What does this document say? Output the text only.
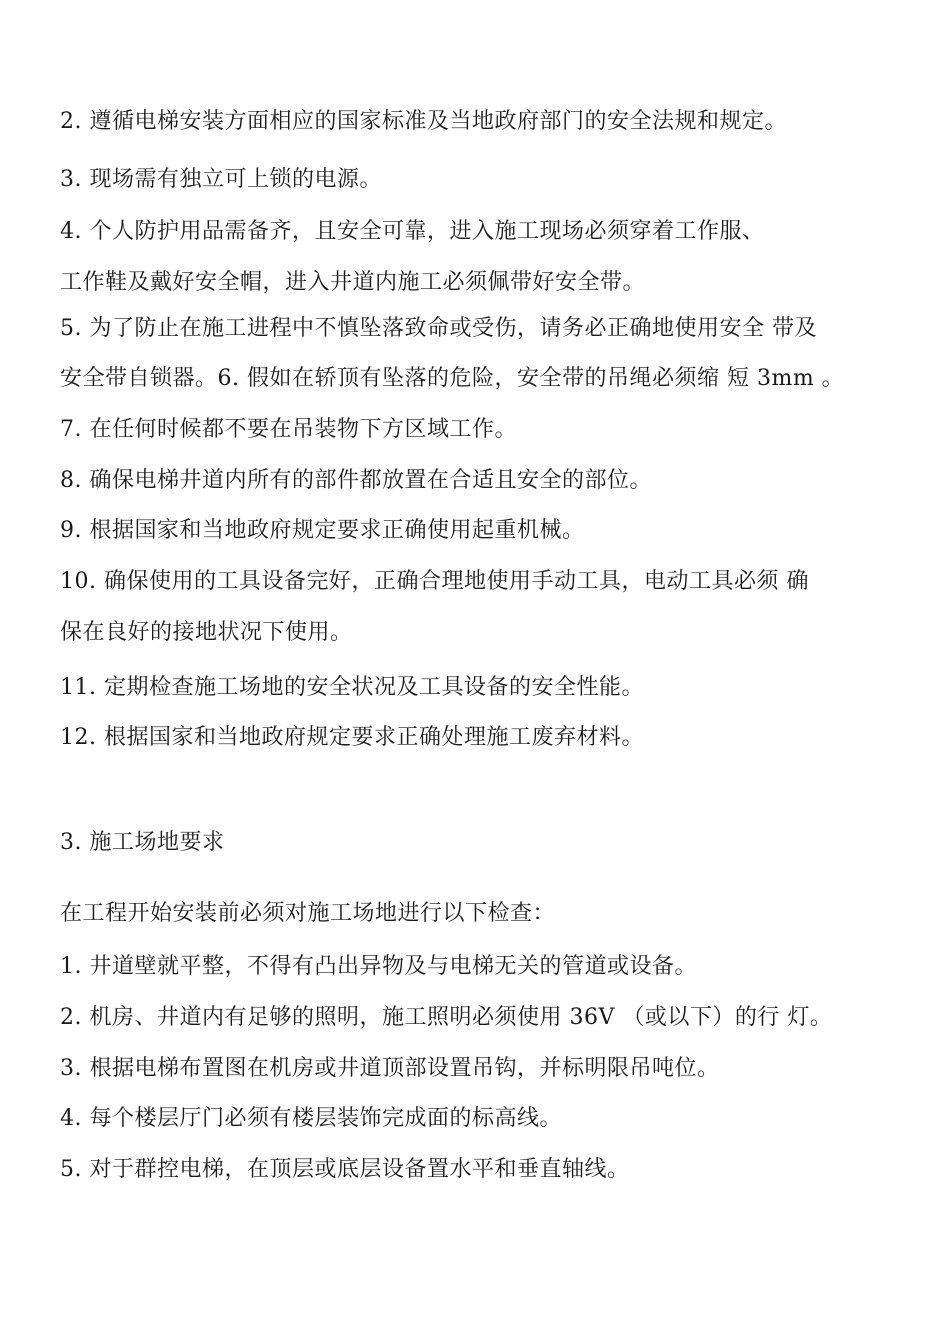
2. 遵循电梯安装方面相应的国家标准及当地政府部门的安全法规和规定。
3. 现场需有独立可上锁的电源。
4. 个人防护用品需备齐，且安全可靠，进入施工现场必须穿着工作服、
工作鞋及戴好安全帽，进入井道内施工必须佩带好安全带。
5. 为了防止在施工进程中不慎坠落致命或受伤，请务必正确地使用安全 带及
安全带自锁器。6. 假如在轿顶有坠落的危险，安全带的吊绳必须缩 短 3mm 。
7. 在任何时候都不要在吊装物下方区域工作。
8. 确保电梯井道内所有的部件都放置在合适且安全的部位。
9. 根据国家和当地政府规定要求正确使用起重机械。
10. 确保使用的工具设备完好，正确合理地使用手动工具，电动工具必须 确
保在良好的接地状况下使用。
11. 定期检查施工场地的安全状况及工具设备的安全性能。
12. 根据国家和当地政府规定要求正确处理施工废弃材料。
3. 施工场地要求
在工程开始安装前必须对施工场地进行以下检查：
1. 井道壁就平整，不得有凸出异物及与电梯无关的管道或设备。
2. 机房、井道内有足够的照明，施工照明必须使用 36V （或以下）的行 灯。
3. 根据电梯布置图在机房或井道顶部设置吊钩，并标明限吊吨位。
4. 每个楼层厅门必须有楼层装饰完成面的标高线。
5. 对于群控电梯，在顶层或底层设备置水平和垂直轴线。
